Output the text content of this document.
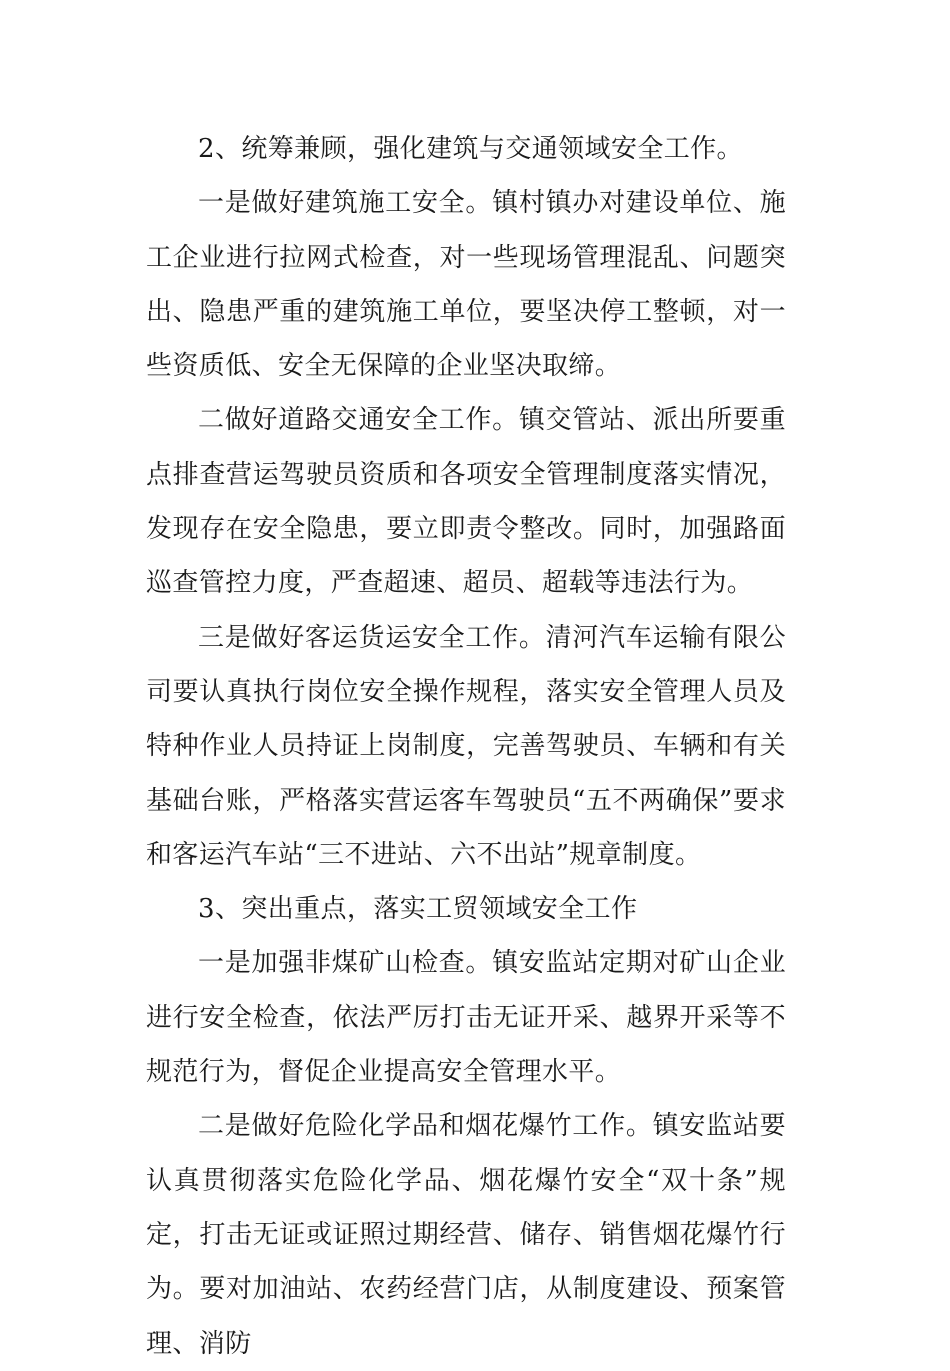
2、统筹兼顾，强化建筑与交通领域安全工作。

一是做好建筑施工安全。镇村镇办对建设单位、施工企业进行拉网式检查，对一些现场管理混乱、问题突出、隐患严重的建筑施工单位，要坚决停工整顿，对一些资质低、安全无保障的企业坚决取缔。

二做好道路交通安全工作。镇交管站、派出所要重点排查营运驾驶员资质和各项安全管理制度落实情况，发现存在安全隐患，要立即责令整改。同时，加强路面巡查管控力度，严查超速、超员、超载等违法行为。

三是做好客运货运安全工作。清河汽车运输有限公司要认真执行岗位安全操作规程，落实安全管理人员及特种作业人员持证上岗制度，完善驾驶员、车辆和有关基础台账，严格落实营运客车驾驶员“五不两确保”要求和客运汽车站“三不进站、六不出站”规章制度。

3、突出重点，落实工贸领域安全工作

一是加强非煤矿山检查。镇安监站定期对矿山企业进行安全检查，依法严厉打击无证开采、越界开采等不规范行为，督促企业提高安全管理水平。

二是做好危险化学品和烟花爆竹工作。镇安监站要认真贯彻落实危险化学品、烟花爆竹安全“双十条”规定，打击无证或证照过期经营、储存、销售烟花爆竹行为。要对加油站、农药经营门店，从制度建设、预案管理、消防
